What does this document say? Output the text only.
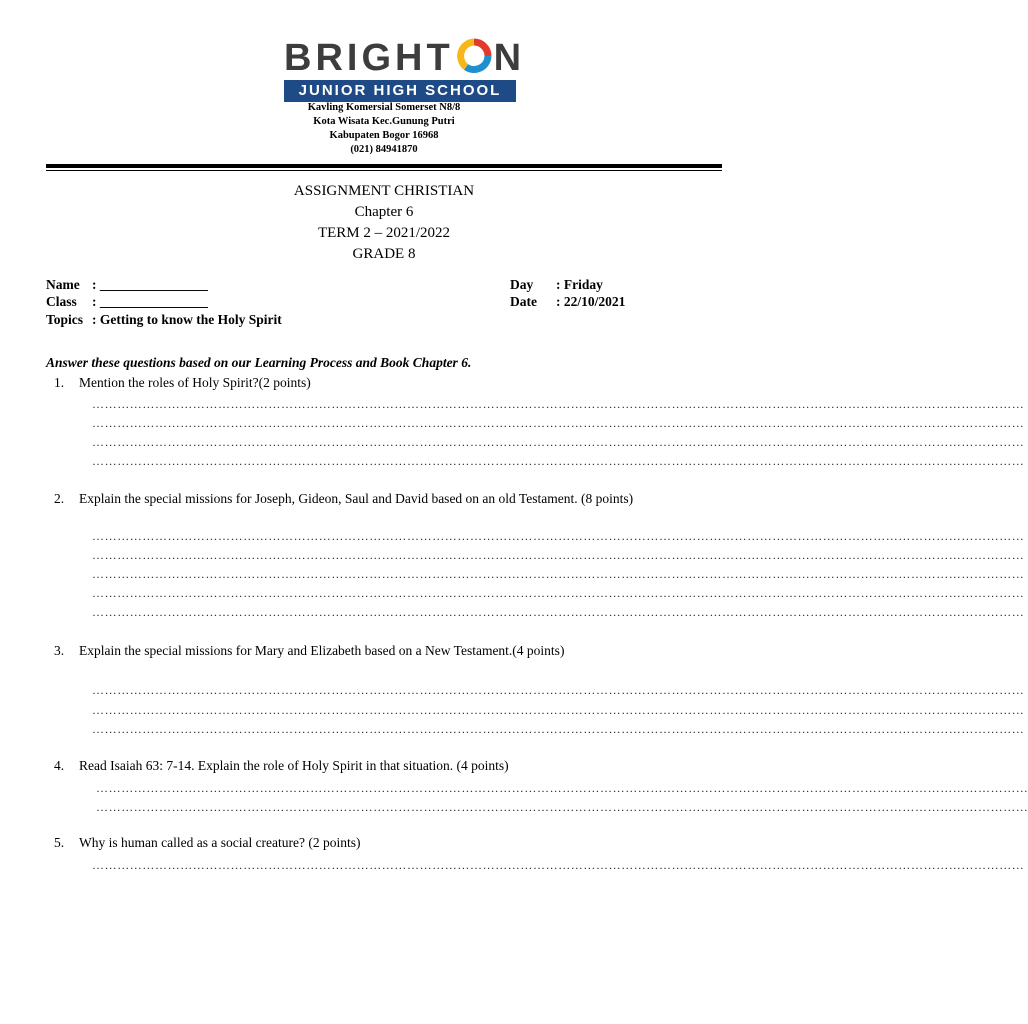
BRIGHT N
JUNIOR HIGH SCHOOL
Kavling Komersial Somerset N8/8
Kota Wisata Kec.Gunung Putri
Kabupaten Bogor 16968
(021) 84941870
ASSIGNMENT CHRISTIAN
Chapter 6
TERM 2 – 2021/2022
GRADE 8
Name : ________________
Class : ________________
Topics : Getting to know the Holy Spirit
Day : Friday
Date : 22/10/2021
Answer these questions based on our Learning Process and Book Chapter 6.
1. Mention the roles of Holy Spirit?(2 points)
……………………………………………………………………………………………………………………………………………………………………………………………………
……………………………………………………………………………………………………………………………………………………………………………………………………
……………………………………………………………………………………………………………………………………………………………………………………………………
……………………………………………………………………………………………………………………………………………………………………………………………………
2. Explain the special missions for Joseph, Gideon, Saul and David based on an old Testament. (8 points)
……………………………………………………………………………………………………………………………………………………………………………………………………
……………………………………………………………………………………………………………………………………………………………………………………………………
……………………………………………………………………………………………………………………………………………………………………………………………………
……………………………………………………………………………………………………………………………………………………………………………………………………
……………………………………………………………………………………………………………………………………………………………………………………………………
3. Explain the special missions for Mary and Elizabeth based on a New Testament.(4 points)
……………………………………………………………………………………………………………………………………………………………………………………………………
……………………………………………………………………………………………………………………………………………………………………………………………………
……………………………………………………………………………………………………………………………………………………………………………………………………
4. Read Isaiah 63: 7-14. Explain the role of Holy Spirit in that situation. (4 points)
……………………………………………………………………………………………………………………………………………………………………………………………………
……………………………………………………………………………………………………………………………………………………………………………………………………
5. Why is human called as a social creature? (2 points)
……………………………………………………………………………………………………………………………………………………………………………………………………
